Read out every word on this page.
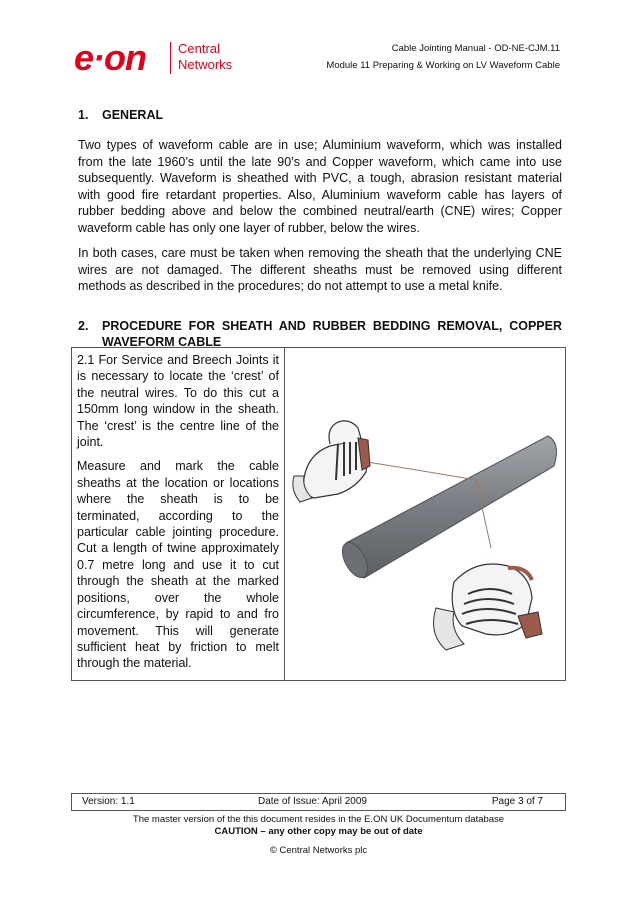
e·on Central
Networks
Cable Jointing Manual - OD-NE-CJM.11
Module 11 Preparing & Working on LV Waveform Cable
1. GENERAL
Two types of waveform cable are in use; Aluminium waveform, which was installed from the late 1960’s until the late 90’s and Copper waveform, which came into use subsequently. Waveform is sheathed with PVC, a tough, abrasion resistant material with good fire retardant properties. Also, Aluminium waveform cable has layers of rubber bedding above and below the combined neutral/earth (CNE) wires; Copper waveform cable has only one layer of rubber, below the wires.
In both cases, care must be taken when removing the sheath that the underlying CNE wires are not damaged. The different sheaths must be removed using different methods as described in the procedures; do not attempt to use a metal knife.
2.	PROCEDURE FOR SHEATH AND RUBBER BEDDING REMOVAL, COPPER WAVEFORM CABLE

2.1 For Service and Breech Joints it is necessary to locate the ‘crest’ of the neutral wires. To do this cut a 150mm long window in the sheath. The ‘crest’ is the centre line of the joint.

Measure and mark the cable sheaths at the location or locations where the sheath is to be terminated, according to the particular cable jointing procedure. Cut a length of twine approximately 0.7 metre long and use it to cut through the sheath at the marked positions, over the whole circumference, by rapid to and fro movement. This will generate sufficient heat by friction to melt through the material.

Version: 1.1	Date of Issue: April 2009	Page 3 of 7
The master version of the this document resides in the E.ON UK Documentum database
CAUTION – any other copy may be out of date
© Central Networks plc
